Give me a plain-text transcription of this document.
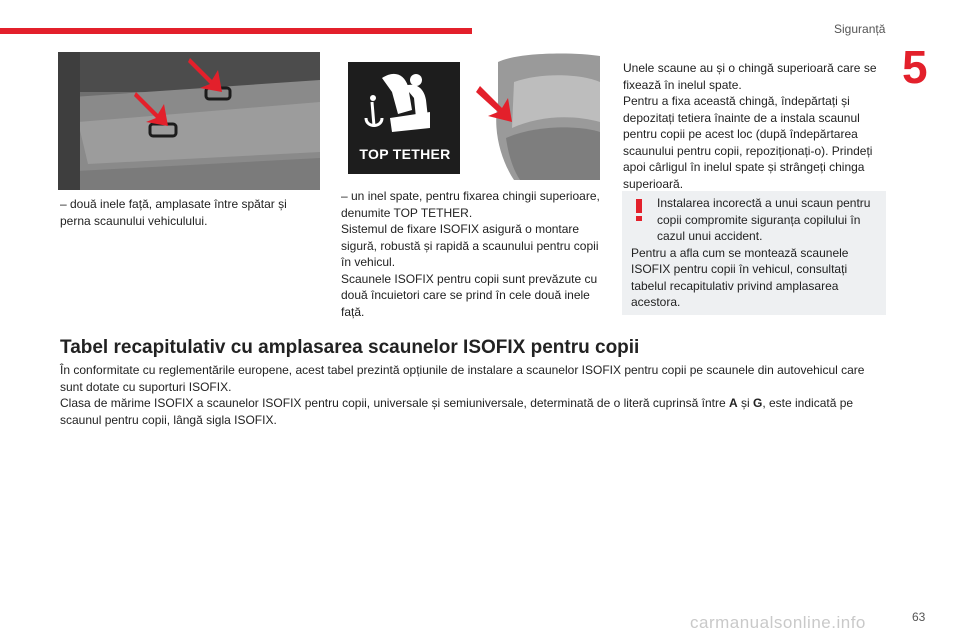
Siguranță
5
TOP TETHER

– două inele față, amplasate între spătar și perna scaunului vehiculului.

– un inel spate, pentru fixarea chingii superioare, denumite TOP TETHER.

Sistemul de fixare ISOFIX asigură o montare sigură, robustă și rapidă a scaunului pentru copii în vehicul.

Scaunele ISOFIX pentru copii sunt prevăzute cu două încuietori care se prind în cele două inele față.

Unele scaune au și o chingă superioară care se fixează în inelul spate.

Pentru a fixa această chingă, îndepărtați și depozitați tetiera înainte de a instala scaunul pentru copii pe acest loc (după îndepărtarea scaunului pentru copii, repoziționați-o). Prindeți apoi cârligul în inelul spate și strângeți chinga superioară.

Instalarea incorectă a unui scaun pentru copii compromite siguranța copilului în cazul unui accident.

Pentru a afla cum se montează scaunele ISOFIX pentru copii în vehicul, consultați tabelul recapitulativ privind amplasarea acestora.

Tabel recapitulativ cu amplasarea scaunelor ISOFIX pentru copii

În conformitate cu reglementările europene, acest tabel prezintă opțiunile de instalare a scaunelor ISOFIX pentru copii pe scaunele din autovehicul care sunt dotate cu suporturi ISOFIX.

Clasa de mărime ISOFIX a scaunelor ISOFIX pentru copii, universale și semiuniversale, determinată de o literă cuprinsă între A și G, este indicată pe scaunul pentru copii, lângă sigla ISOFIX.

carmanualsonline.info	63
